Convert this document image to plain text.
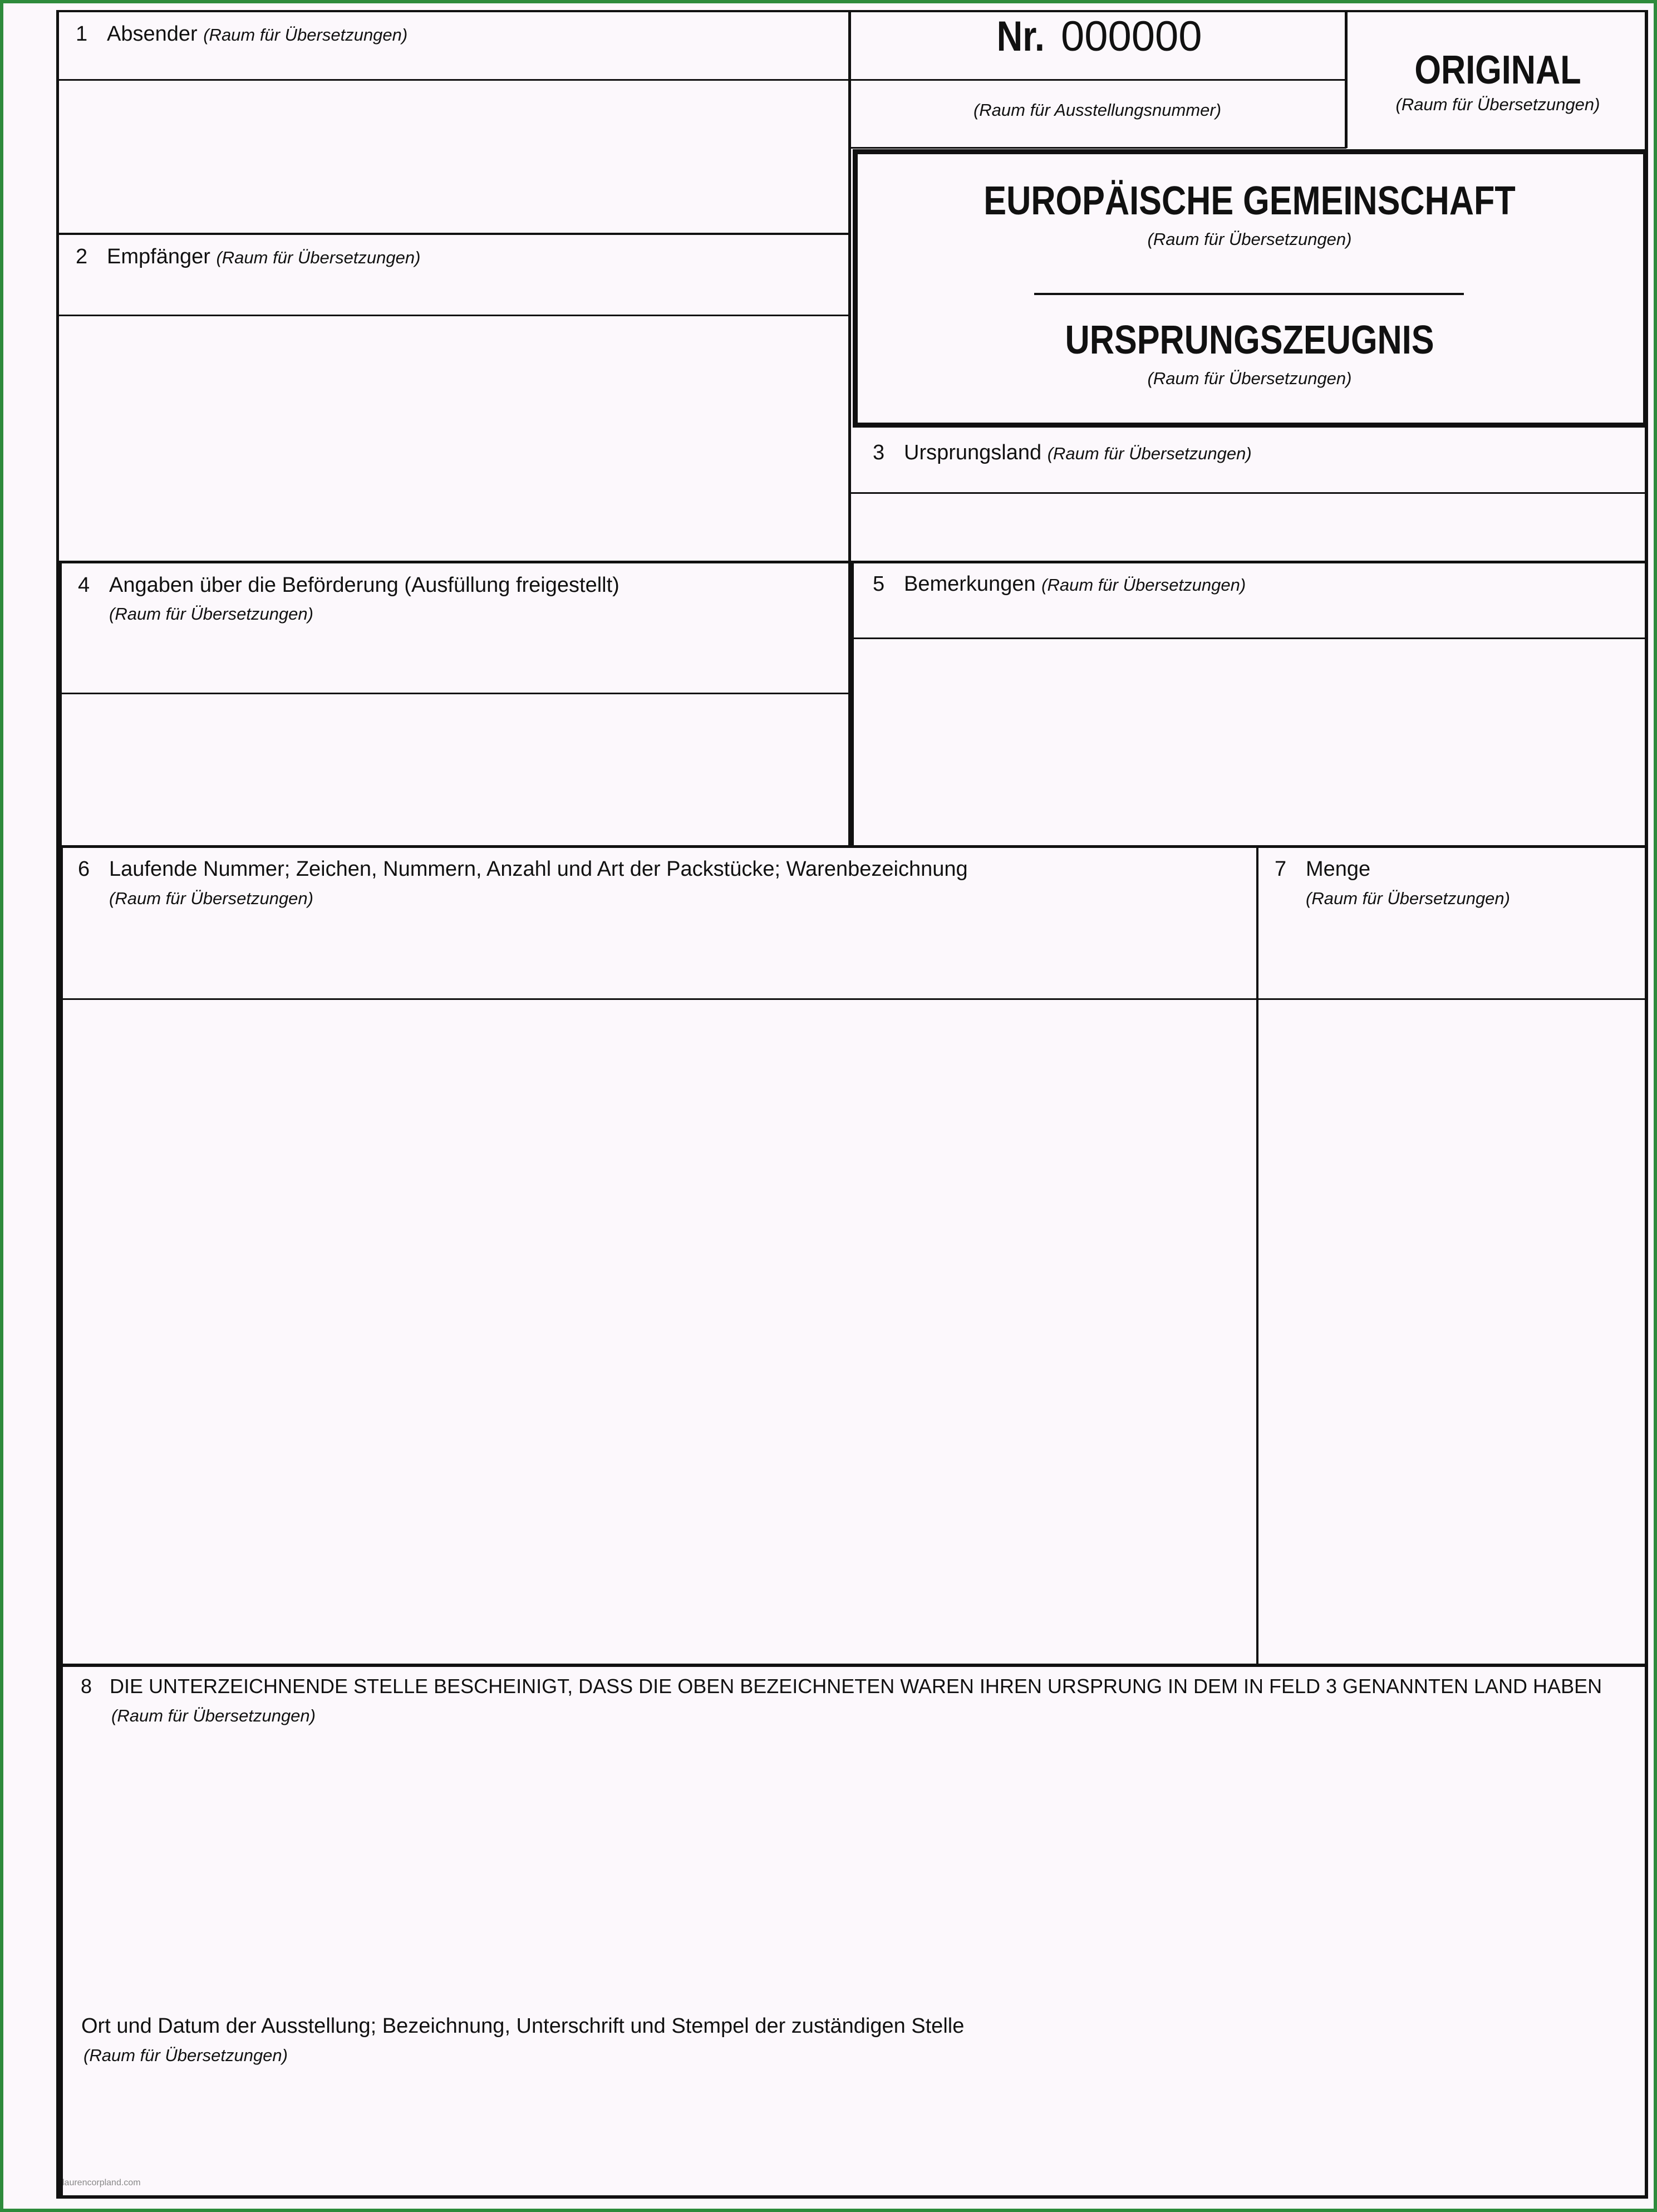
Nr. 000000
(Raum für Ausstellungsnummer)
ORIGINAL
(Raum für Übersetzungen)
EUROPÄISCHE GEMEINSCHAFT
(Raum für Übersetzungen)
URSPRUNGSZEUGNIS
(Raum für Übersetzungen)
1 Absender (Raum für Übersetzungen)
2 Empfänger (Raum für Übersetzungen)
3 Ursprungsland (Raum für Übersetzungen)
4 Angaben über die Beförderung (Ausfüllung freigestellt)
(Raum für Übersetzungen)
5 Bemerkungen (Raum für Übersetzungen)
6 Laufende Nummer; Zeichen, Nummern, Anzahl und Art der Packstücke; Warenbezeichnung
(Raum für Übersetzungen)
7 Menge
(Raum für Übersetzungen)
8 DIE UNTERZEICHNENDE STELLE BESCHEINIGT, DASS DIE OBEN BEZEICHNETEN WAREN IHREN URSPRUNG IN DEM IN FELD 3 GENANNTEN LAND HABEN
(Raum für Übersetzungen)
Ort und Datum der Ausstellung; Bezeichnung, Unterschrift und Stempel der zuständigen Stelle
(Raum für Übersetzungen)
laurencorpland.com
